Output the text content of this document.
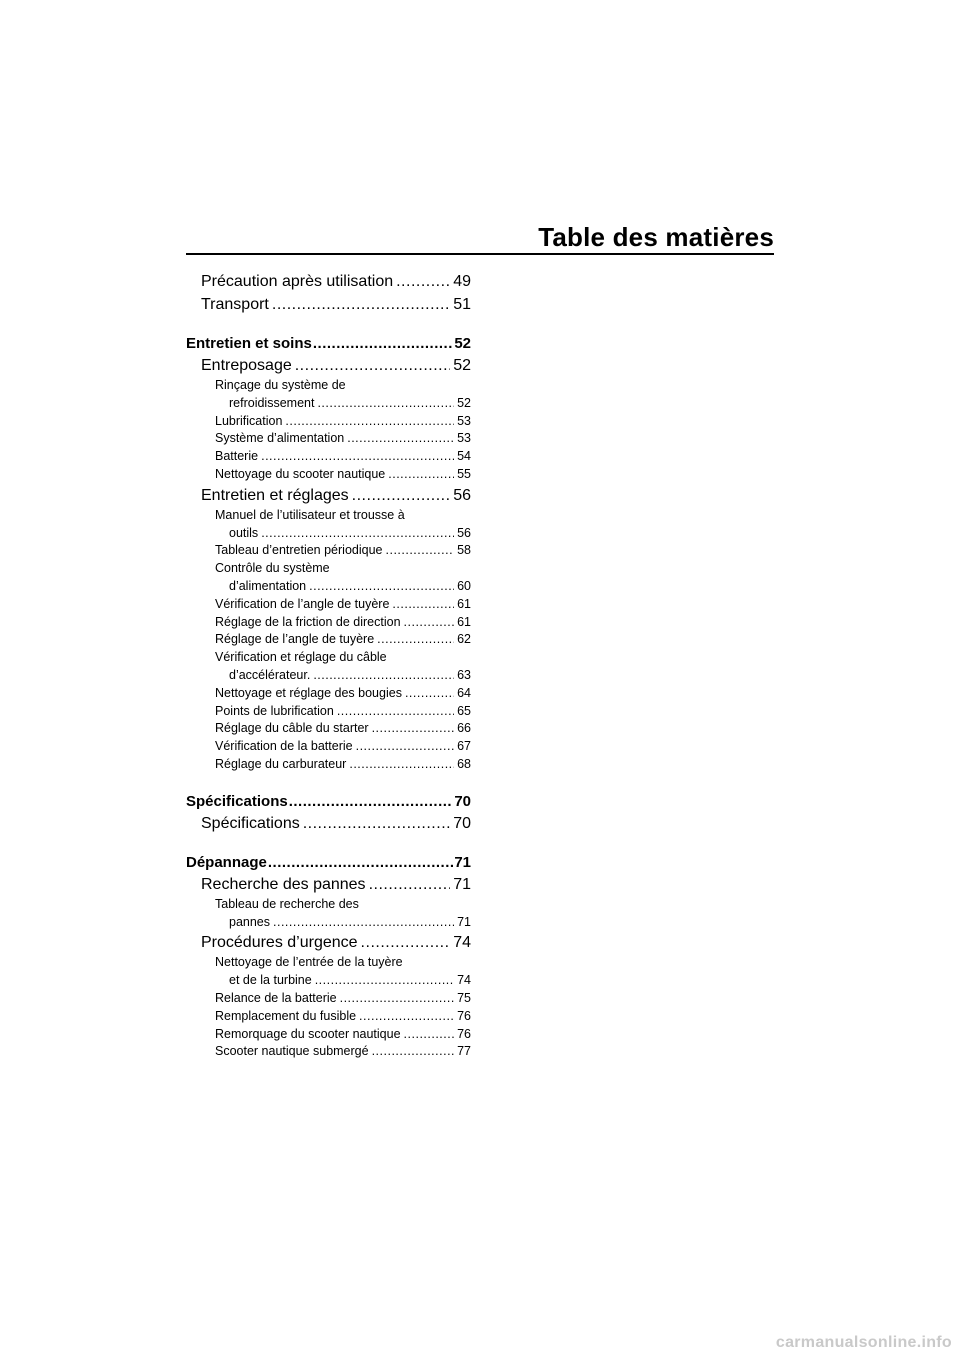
Table des matières
Précaution après utilisation .....	49
Transport .....	51
Entretien et soins .....	52
Entreposage .....	52
Rinçage du système de
refroidissement .....	52
Lubrification .....	53
Système d’alimentation .....	53
Batterie .....	54
Nettoyage du scooter nautique .....	55
Entretien et réglages .....	56
Manuel de l’utilisateur et trousse à
outils .....	56
Tableau d’entretien périodique .....	58
Contrôle du système
d’alimentation .....	60
Vérification de l’angle de tuyère .....	61
Réglage de la friction de direction .....	61
Réglage de l’angle de tuyère .....	62
Vérification et réglage du câble
d’accélérateur. .....	63
Nettoyage et réglage des bougies .....	64
Points de lubrification .....	65
Réglage du câble du starter .....	66
Vérification de la batterie .....	67
Réglage du carburateur .....	68
Spécifications .....	70
Spécifications .....	70
Dépannage .....	71
Recherche des pannes .....	71
Tableau de recherche des
pannes .....	71
Procédures d’urgence .....	74
Nettoyage de l’entrée de la tuyère
et de la turbine .....	74
Relance de la batterie .....	75
Remplacement du fusible .....	76
Remorquage du scooter nautique .....	76
Scooter nautique submergé .....	77
carmanualsonline.info
